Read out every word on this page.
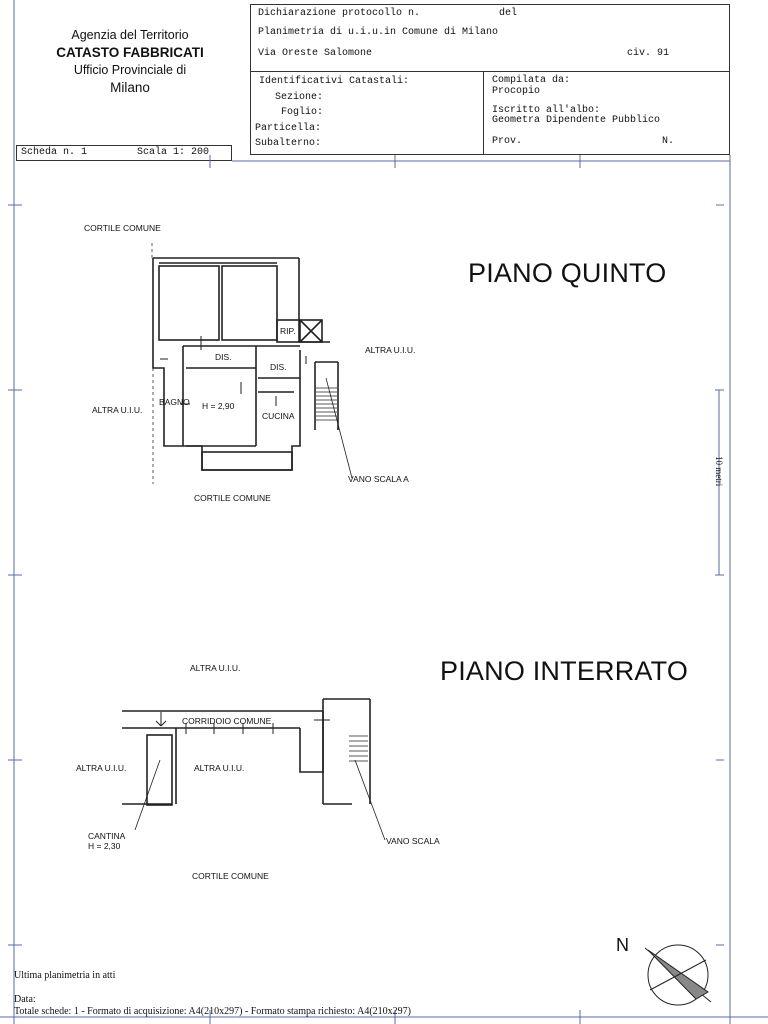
Agenzia del Territorio
CATASTO FABBRICATI
Ufficio Provinciale di
Milano
Dichiarazione protocollo n.	del
Planimetria di u.i.u.in Comune di Milano
Via Oreste Salomone	civ. 91
Identificativi Catastali:
Sezione:
Foglio:
Particella:
Subalterno:
Compilata da:
Procopio
Iscritto all'albo:
Geometra Dipendente Pubblico
Prov.	N.
Scheda n. 1	Scala 1: 200
PIANO QUINTO
PIANO INTERRATO
CORTILE COMUNE
CORTILE COMUNE
ALTRA U.I.U.
ALTRA U.I.U.
RIP.
DIS.
DIS.
BAGNO H = 2,90
CUCINA
VANO SCALA A
ALTRA U.I.U.
CORRIDOIO COMUNE
ALTRA U.I.U.	ALTRA U.I.U.
CANTINA
H = 2,30	VANO SCALA
CORTILE COMUNE
10 metri
N
Ultima planimetria in atti
Data:
Totale schede: 1 - Formato di acquisizione: A4(210x297) - Formato stampa richiesto: A4(210x297)
